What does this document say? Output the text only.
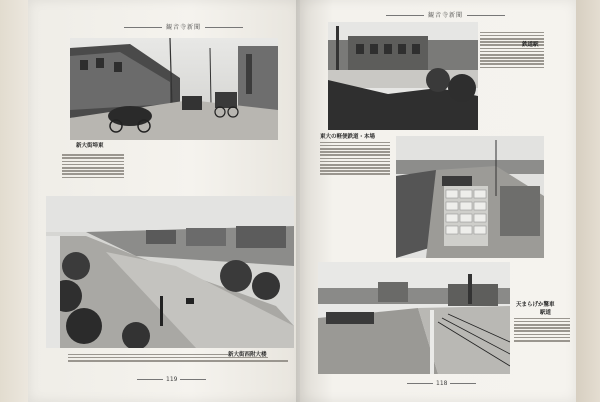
観音寺新聞
新大街埠東
新大街西附大楼
119
観音寺新聞
鉄道駅
東大の軽便鉄道・本場
天まらげか驚車
駅道
118
